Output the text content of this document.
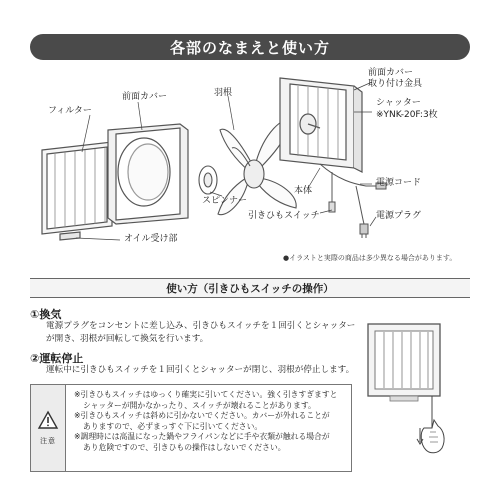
各部のなまえと使い方
前面カバー
取り付け金具
羽根
前面カバー
フィルター
シャッター
※YNK-20F:3枚
本体
電源コード
スピンナー
引きひもスイッチ	電源プラグ
オイル受け部
●イラストと実際の商品は多少異なる場合があります。
使い方（引きひもスイッチの操作）
①換気
電源プラグをコンセントに差し込み、引きひもスイッチを１回引くとシャッター
が開き、羽根が回転して換気を行います。
②運転停止
運転中に引きひもスイッチを１回引くとシャッターが閉じ、羽根が停止します。
注意

※引きひもスイッチはゆっくり確実に引いてください。強く引きすぎますと

シャッターが開かなかったり、スイッチが壊れることがあります。

※引きひもスイッチは斜めに引かないでください。カバーが外れることが

ありますので、必ずまっすぐ下に引いてください。

※調理時には高温になった鍋やフライパンなどに手や衣類が触れる場合が

あり危険ですので、引きひもの操作はしないでください。
